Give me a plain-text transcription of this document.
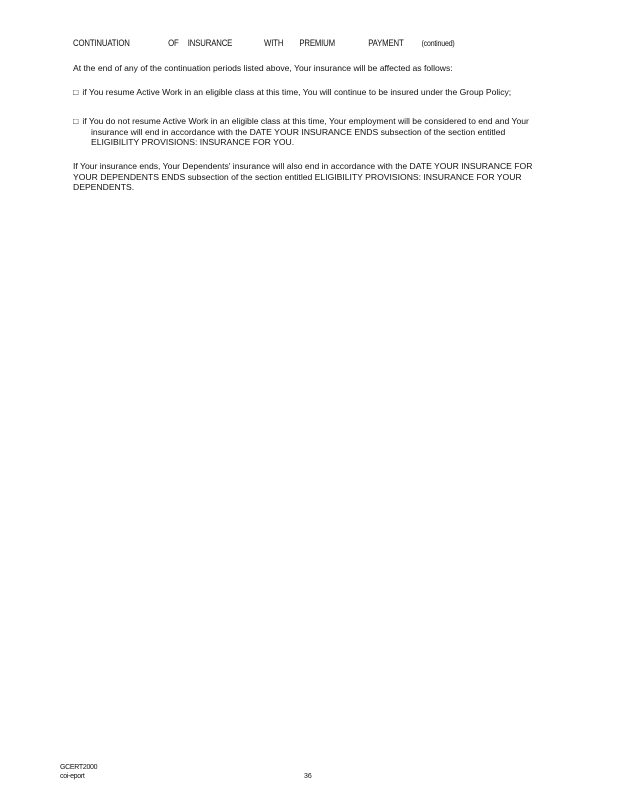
CONTINUATION	OF INSURANCE	WITH PREMIUM	PAYMENT (continued)
At the end of any of the continuation periods listed above, Your insurance will be affected as follows:
□ if You resume Active Work in an eligible class at this time, You will continue to be insured under the Group Policy;
□ if You do not resume Active Work in an eligible class at this time, Your employment will be considered to end and Your insurance will end in accordance with the DATE YOUR INSURANCE ENDS subsection of the section entitled ELIGIBILITY PROVISIONS: INSURANCE FOR YOU.
If Your insurance ends, Your Dependents' insurance will also end in accordance with the DATE YOUR INSURANCE FOR YOUR DEPENDENTS ENDS subsection of the section entitled ELIGIBILITY PROVISIONS: INSURANCE FOR YOUR DEPENDENTS.
GCERT2000
coi-eport	36
